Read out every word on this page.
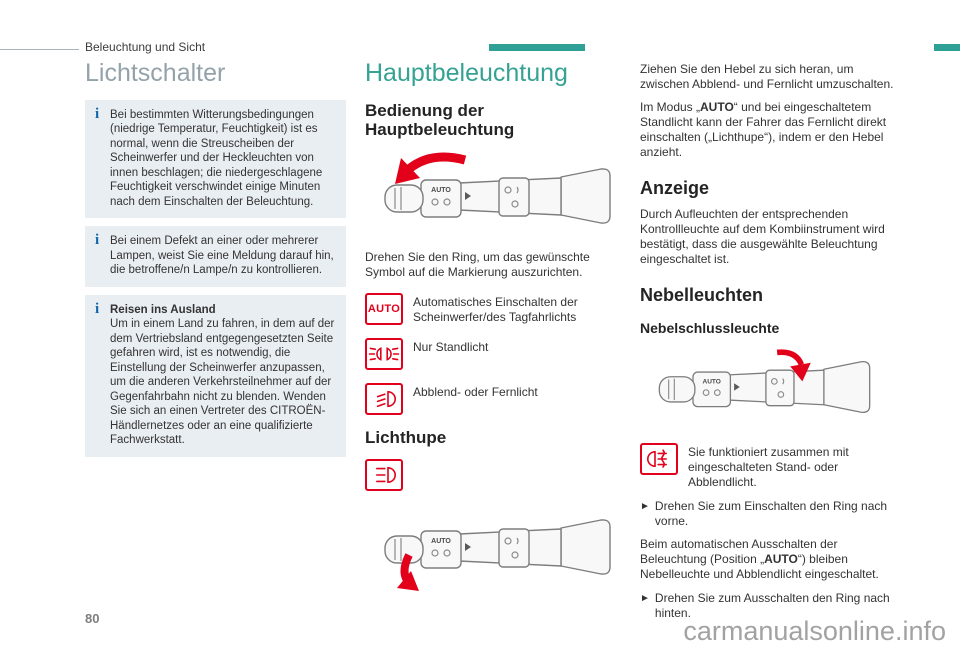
Beleuchtung und Sicht
Lichtschalter
i Bei bestimmten Witterungsbedingungen (niedrige Temperatur, Feuchtigkeit) ist es normal, wenn die Streuscheiben der Scheinwerfer und der Heckleuchten von innen beschlagen; die niedergeschlagene Feuchtigkeit verschwindet einige Minuten nach dem Einschalten der Beleuchtung.

i Bei einem Defekt an einer oder mehrerer Lampen, weist Sie eine Meldung darauf hin, die betroffene/n Lampe/n zu kontrollieren.

i Reisen ins Ausland

Um in einem Land zu fahren, in dem auf der dem Vertriebsland entgegengesetzten Seite gefahren wird, ist es notwendig, die Einstellung der Scheinwerfer anzupassen, um die anderen Verkehrsteilnehmer auf der Gegenfahrbahn nicht zu blenden. Wenden Sie sich an einen Vertreter des CITROËN-Händlernetzes oder an eine qualifizierte Fachwerkstatt.

Hauptbeleuchtung
Bedienung der Hauptbeleuchtung
AUTO

Drehen Sie den Ring, um das gewünschte Symbol auf die Markierung auszurichten.

AUTO Automatisches Einschalten der Scheinwerfer/des Tagfahrlichts

Nur Standlicht

Abblend- oder Fernlicht

Lichthupe
AUTO

Ziehen Sie den Hebel zu sich heran, um zwischen Abblend- und Fernlicht umzuschalten.

Im Modus „AUTO“ und bei eingeschaltetem Standlicht kann der Fahrer das Fernlicht direkt einschalten („Lichthupe“), indem er den Hebel anzieht.

Anzeige

Durch Aufleuchten der entsprechenden Kontrollleuchte auf dem Kombiinstrument wird bestätigt, dass die ausgewählte Beleuchtung eingeschaltet ist.

Nebelleuchten
Nebelschlussleuchte
AUTO

Sie funktioniert zusammen mit eingeschalteten Stand- oder Abblendlicht.

► Drehen Sie zum Einschalten den Ring nach vorne.

Beim automatischen Ausschalten der Beleuchtung (Position „AUTO“) bleiben Nebelleuchte und Abblendlicht eingeschaltet.

► Drehen Sie zum Ausschalten den Ring nach hinten.

80	carmanualsonline.info
